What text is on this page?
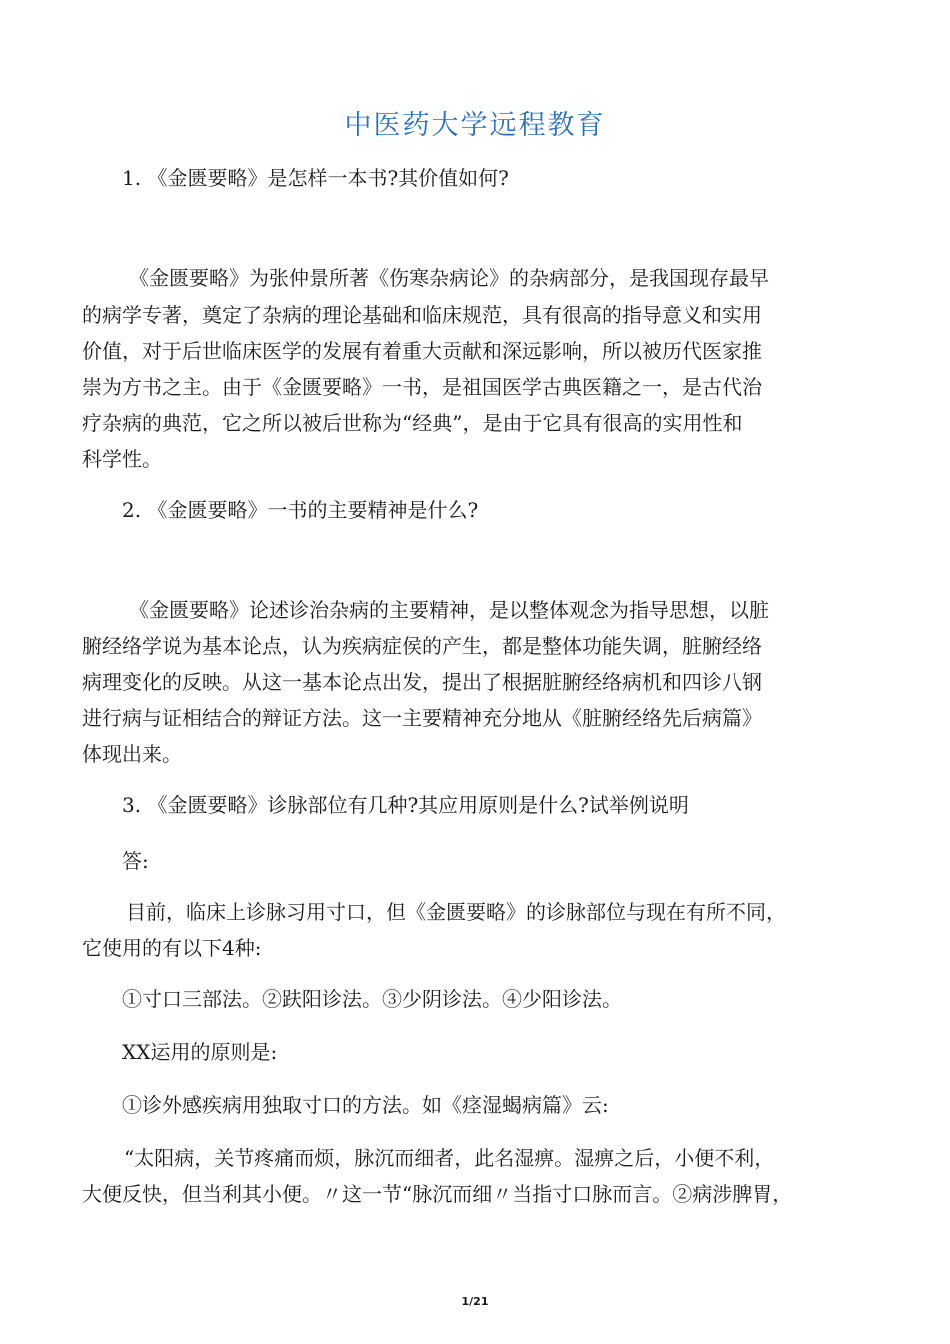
中医药大学远程教育
1. 《金匮要略》是怎样一本书?其价值如何?
《金匮要略》为张仲景所著《伤寒杂病论》的杂病部分，是我国现存最早
的病学专著，奠定了杂病的理论基础和临床规范，具有很高的指导意义和实用
价值，对于后世临床医学的发展有着重大贡献和深远影响，所以被历代医家推
崇为方书之主。由于《金匮要略》一书，是祖国医学古典医籍之一，是古代治
疗杂病的典范，它之所以被后世称为“经典”，是由于它具有很高的实用性和
科学性。
2. 《金匮要略》一书的主要精神是什么?
《金匮要略》论述诊治杂病的主要精神，是以整体观念为指导思想，以脏
腑经络学说为基本论点，认为疾病症侯的产生，都是整体功能失调，脏腑经络
病理变化的反映。从这一基本论点出发，提出了根据脏腑经络病机和四诊八钢
进行病与证相结合的辩证方法。这一主要精神充分地从《脏腑经络先后病篇》
体现出来。
3. 《金匮要略》诊脉部位有几种?其应用原则是什么?试举例说明
答:
目前，临床上诊脉习用寸口，但《金匮要略》的诊脉部位与现在有所不同，
它使用的有以下4种:
①寸口三部法。②趺阳诊法。③少阴诊法。④少阳诊法。
XX运用的原则是:
①诊外感疾病用独取寸口的方法。如《痉湿蝎病篇》云:
“太阳病，关节疼痛而烦，脉沉而细者，此名湿痹。湿痹之后，小便不利，
大便反快，但当利其小便。〃这一节“脉沉而细〃当指寸口脉而言。②病涉脾胃，
1/21
